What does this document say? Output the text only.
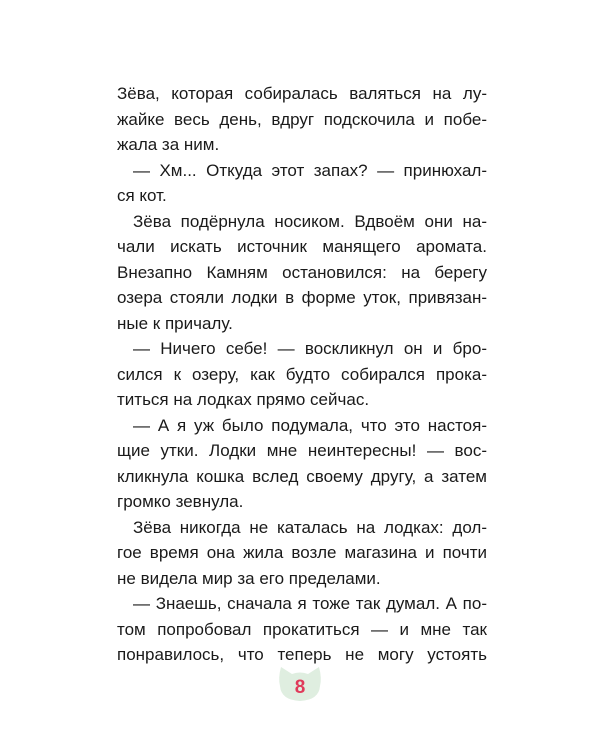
Зёва, которая собиралась валяться на лу-
жайке весь день, вдруг подскочила и побе-
жала за ним.
— Хм... Откуда этот запах? — принюхал-
ся кот.
Зёва подёрнула носиком. Вдвоём они на-
чали искать источник манящего аромата.
Внезапно Камням остановился: на берегу
озера стояли лодки в форме уток, привязан-
ные к причалу.
— Ничего себе! — воскликнул он и бро-
сился к озеру, как будто собирался прока-
титься на лодках прямо сейчас.
— А я уж было подумала, что это настоя-
щие утки. Лодки мне неинтересны! — вос-
кликнула кошка вслед своему другу, а затем
громко зевнула.
Зёва никогда не каталась на лодках: дол-
гое время она жила возле магазина и почти
не видела мир за его пределами.
— Знаешь, сначала я тоже так думал. А по-
том попробовал прокатиться — и мне так
понравилось, что теперь не могу устоять
8
